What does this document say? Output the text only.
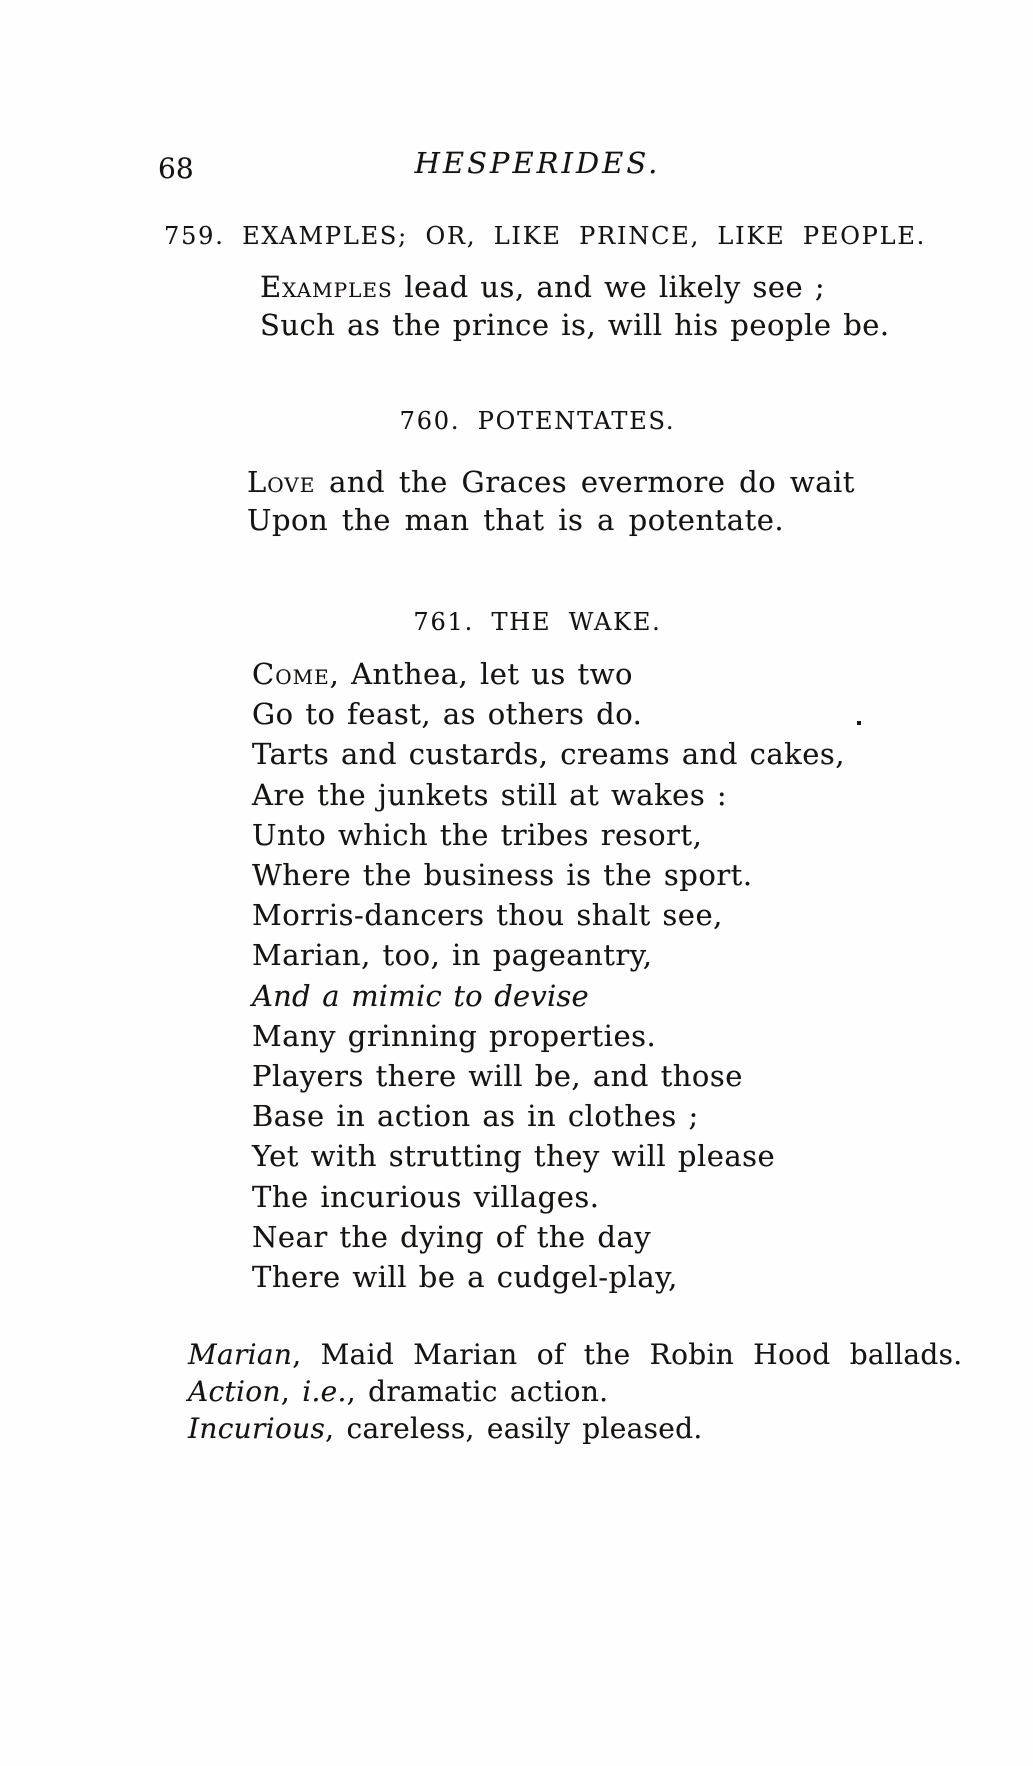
68	HESPERIDES.
759. EXAMPLES; OR, LIKE PRINCE, LIKE PEOPLE.
Examples lead us, and we likely see ;
Such as the prince is, will his people be.
760. POTENTATES.
Love and the Graces evermore do wait
Upon the man that is a potentate.
761. THE WAKE.
Come, Anthea, let us two
Go to feast, as others do.
Tarts and custards, creams and cakes,
Are the junkets still at wakes :
Unto which the tribes resort,
Where the business is the sport.
Morris-dancers thou shalt see,
Marian, too, in pageantry,
And a mimic to devise
Many grinning properties.
Players there will be, and those
Base in action as in clothes ;
Yet with strutting they will please
The incurious villages.
Near the dying of the day
There will be a cudgel-play,
Marian, Maid Marian of the Robin Hood ballads.
Action, i.e., dramatic action.
Incurious, careless, easily pleased.
